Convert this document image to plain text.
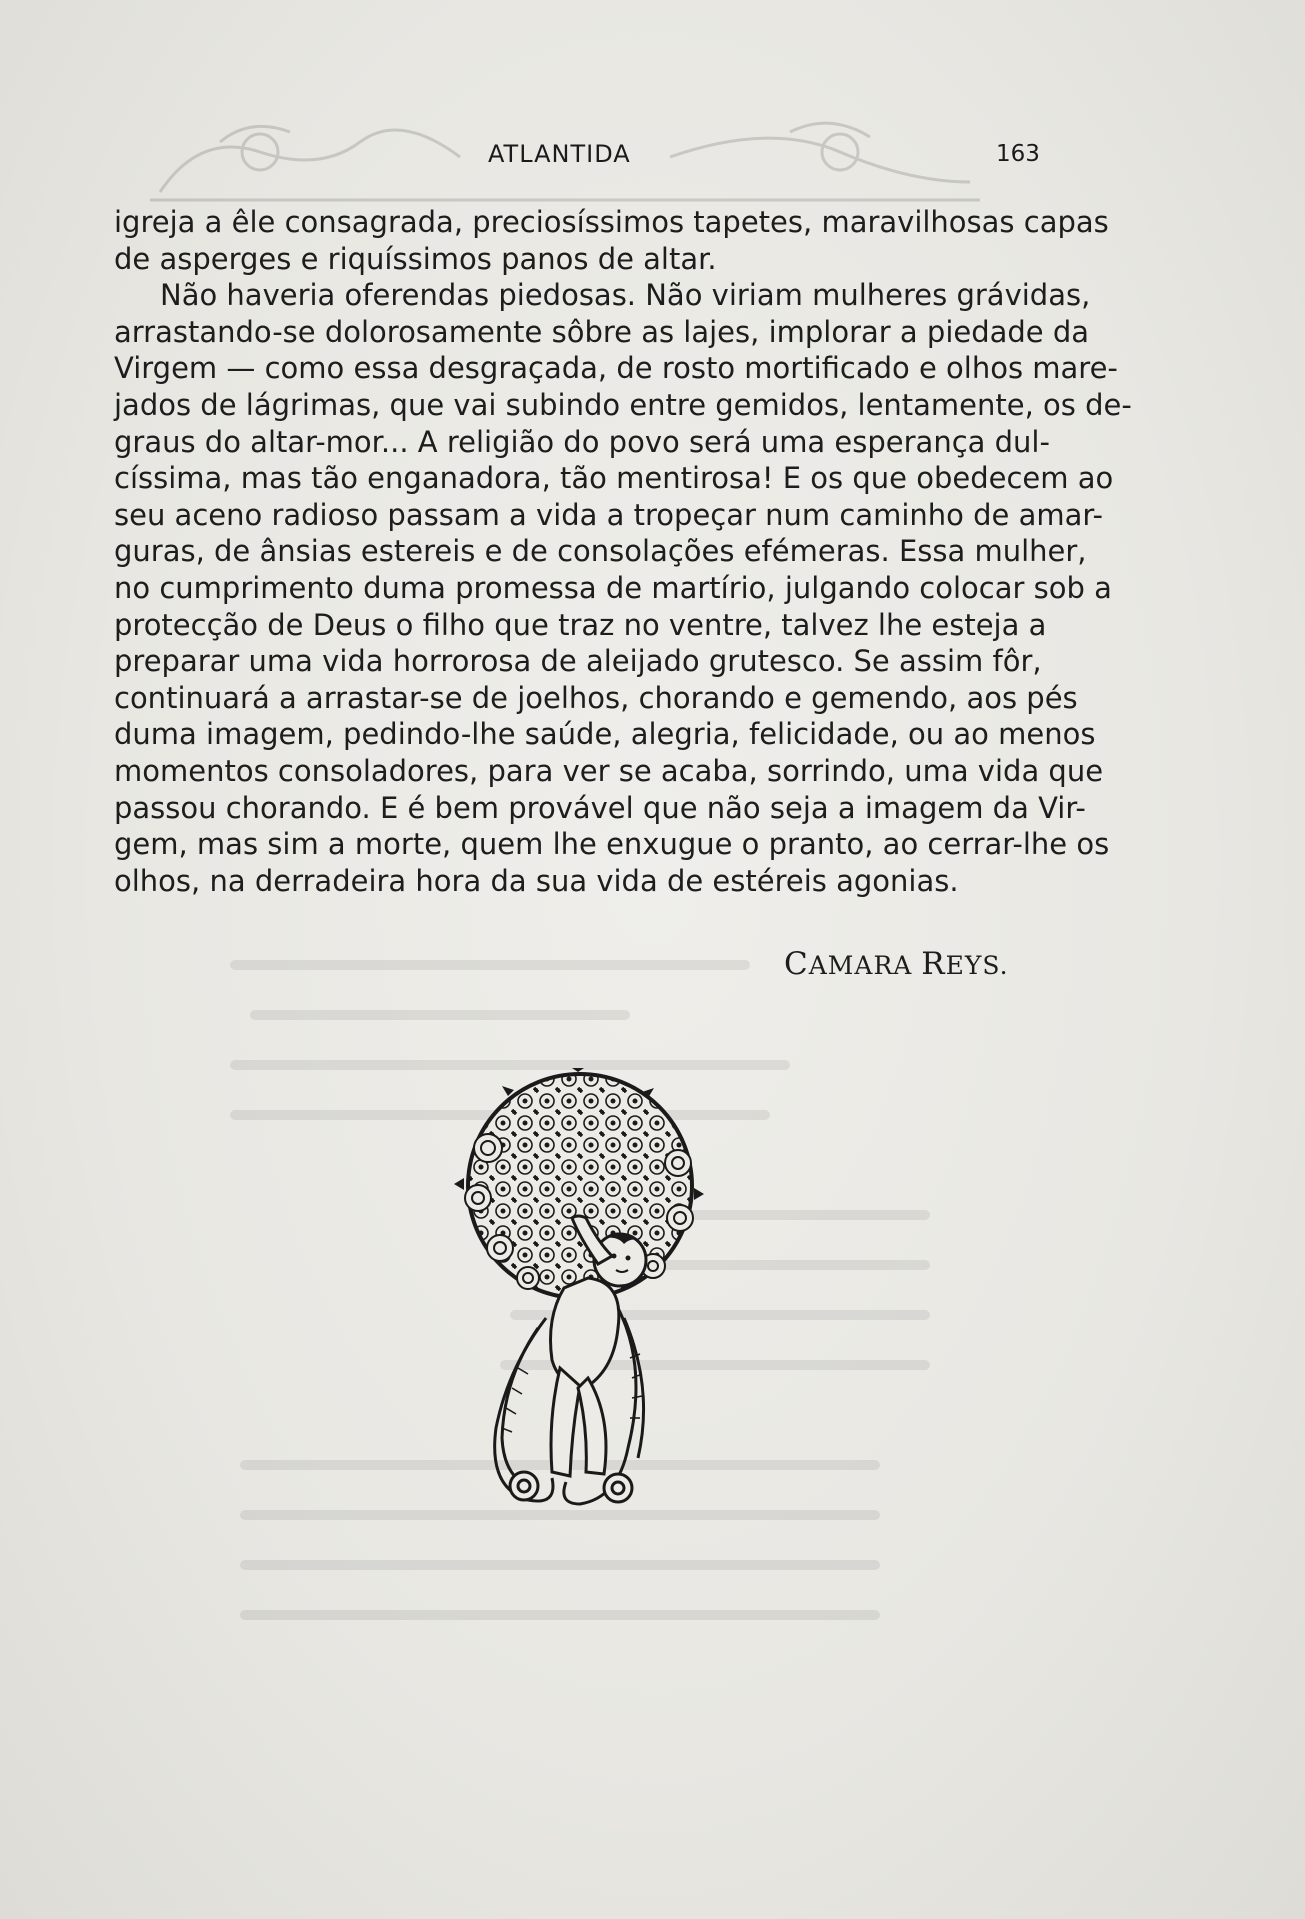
ATLANTIDA	163
igreja a êle consagrada, preciosíssimos tapetes, maravilhosas capas
de asperges e riquíssimos panos de altar.
Não haveria oferendas piedosas. Não viriam mulheres grávidas,
arrastando-se dolorosamente sôbre as lajes, implorar a piedade da
Virgem — como essa desgraçada, de rosto mortificado e olhos mare-
jados de lágrimas, que vai subindo entre gemidos, lentamente, os de-
graus do altar-mor... A religião do povo será uma esperança dul-
císsima, mas tão enganadora, tão mentirosa! E os que obedecem ao
seu aceno radioso passam a vida a tropeçar num caminho de amar-
guras, de ânsias estereis e de consolações efémeras. Essa mulher,
no cumprimento duma promessa de martírio, julgando colocar sob a
protecção de Deus o filho que traz no ventre, talvez lhe esteja a
preparar uma vida horrorosa de aleijado grutesco. Se assim fôr,
continuará a arrastar-se de joelhos, chorando e gemendo, aos pés
duma imagem, pedindo-lhe saúde, alegria, felicidade, ou ao menos
momentos consoladores, para ver se acaba, sorrindo, uma vida que
passou chorando. E é bem provável que não seja a imagem da Vir-
gem, mas sim a morte, quem lhe enxugue o pranto, ao cerrar-lhe os
olhos, na derradeira hora da sua vida de estéreis agonias.
CAMARA REYS.
